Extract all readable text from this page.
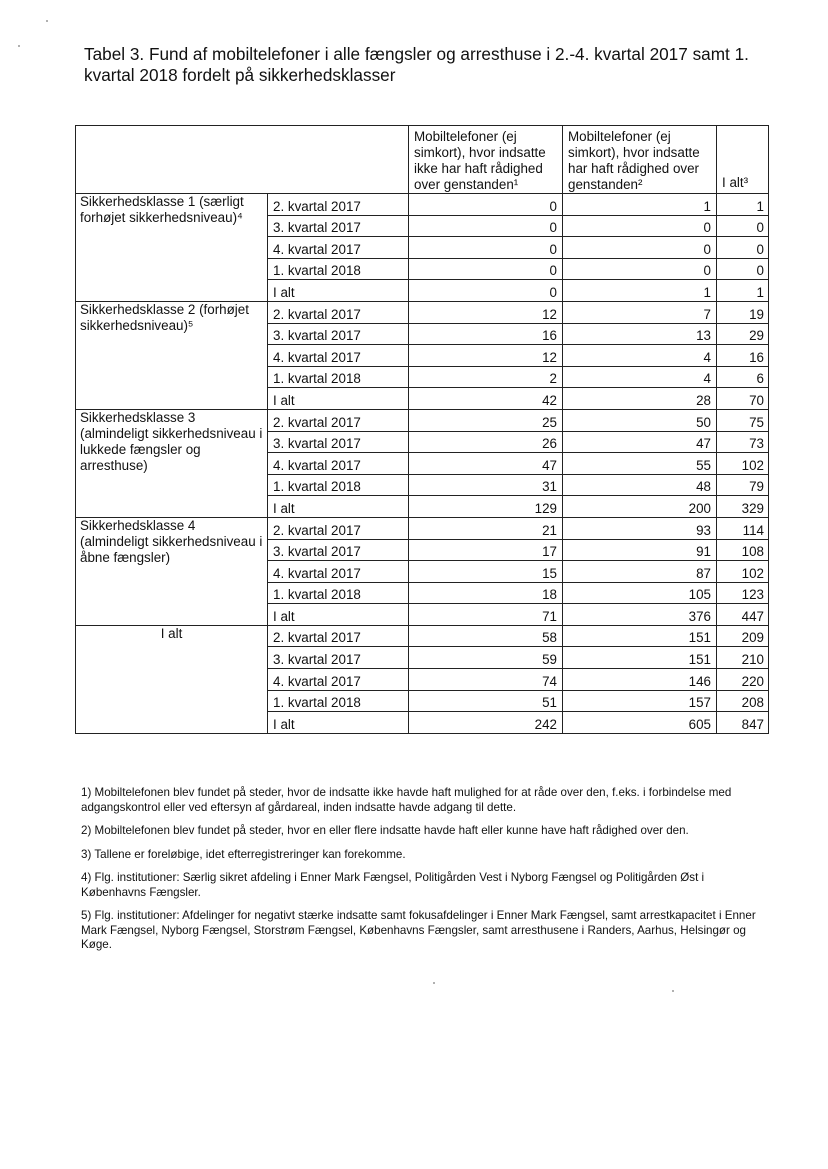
Tabel 3. Fund af mobiltelefoner i alle fængsler og arresthuse i 2.-4. kvartal 2017 samt 1. kvartal 2018 fordelt på sikkerhedsklasser
		Mobiltelefoner (ej simkort), hvor indsatte ikke har haft rådighed over genstanden¹	Mobiltelefoner (ej simkort), hvor indsatte har haft rådighed over genstanden²	I alt³
Sikkerhedsklasse 1 (særligt forhøjet sikkerhedsniveau)⁴	2. kvartal 2017	0	1	1
	3. kvartal 2017	0	0	0
	4. kvartal 2017	0	0	0
	1. kvartal 2018	0	0	0
	I alt	0	1	1
Sikkerhedsklasse 2 (forhøjet sikkerhedsniveau)⁵	2. kvartal 2017	12	7	19
	3. kvartal 2017	16	13	29
	4. kvartal 2017	12	4	16
	1. kvartal 2018	2	4	6
	I alt	42	28	70
Sikkerhedsklasse 3 (almindeligt sikkerhedsniveau i lukkede fængsler og arresthuse)	2. kvartal 2017	25	50	75
	3. kvartal 2017	26	47	73
	4. kvartal 2017	47	55	102
	1. kvartal 2018	31	48	79
	I alt	129	200	329
Sikkerhedsklasse 4 (almindeligt sikkerhedsniveau i åbne fængsler)	2. kvartal 2017	21	93	114
	3. kvartal 2017	17	91	108
	4. kvartal 2017	15	87	102
	1. kvartal 2018	18	105	123
	I alt	71	376	447
I alt	2. kvartal 2017	58	151	209
	3. kvartal 2017	59	151	210
	4. kvartal 2017	74	146	220
	1. kvartal 2018	51	157	208
	I alt	242	605	847

1) Mobiltelefonen blev fundet på steder, hvor de indsatte ikke havde haft mulighed for at råde over den, f.eks. i forbindelse med adgangskontrol eller ved eftersyn af gårdareal, inden indsatte havde adgang til dette.

2) Mobiltelefonen blev fundet på steder, hvor en eller flere indsatte havde haft eller kunne have haft rådighed over den.

3) Tallene er foreløbige, idet efterregistreringer kan forekomme.

4) Flg. institutioner: Særlig sikret afdeling i Enner Mark Fængsel, Politigården Vest i Nyborg Fængsel og Politigården Øst i Københavns Fængsler.

5) Flg. institutioner: Afdelinger for negativt stærke indsatte samt fokusafdelinger i Enner Mark Fængsel, samt arrestkapacitet i Enner Mark Fængsel, Nyborg Fængsel, Storstrøm Fængsel, Københavns Fængsler, samt arresthusene i Randers, Aarhus, Helsingør og Køge.
